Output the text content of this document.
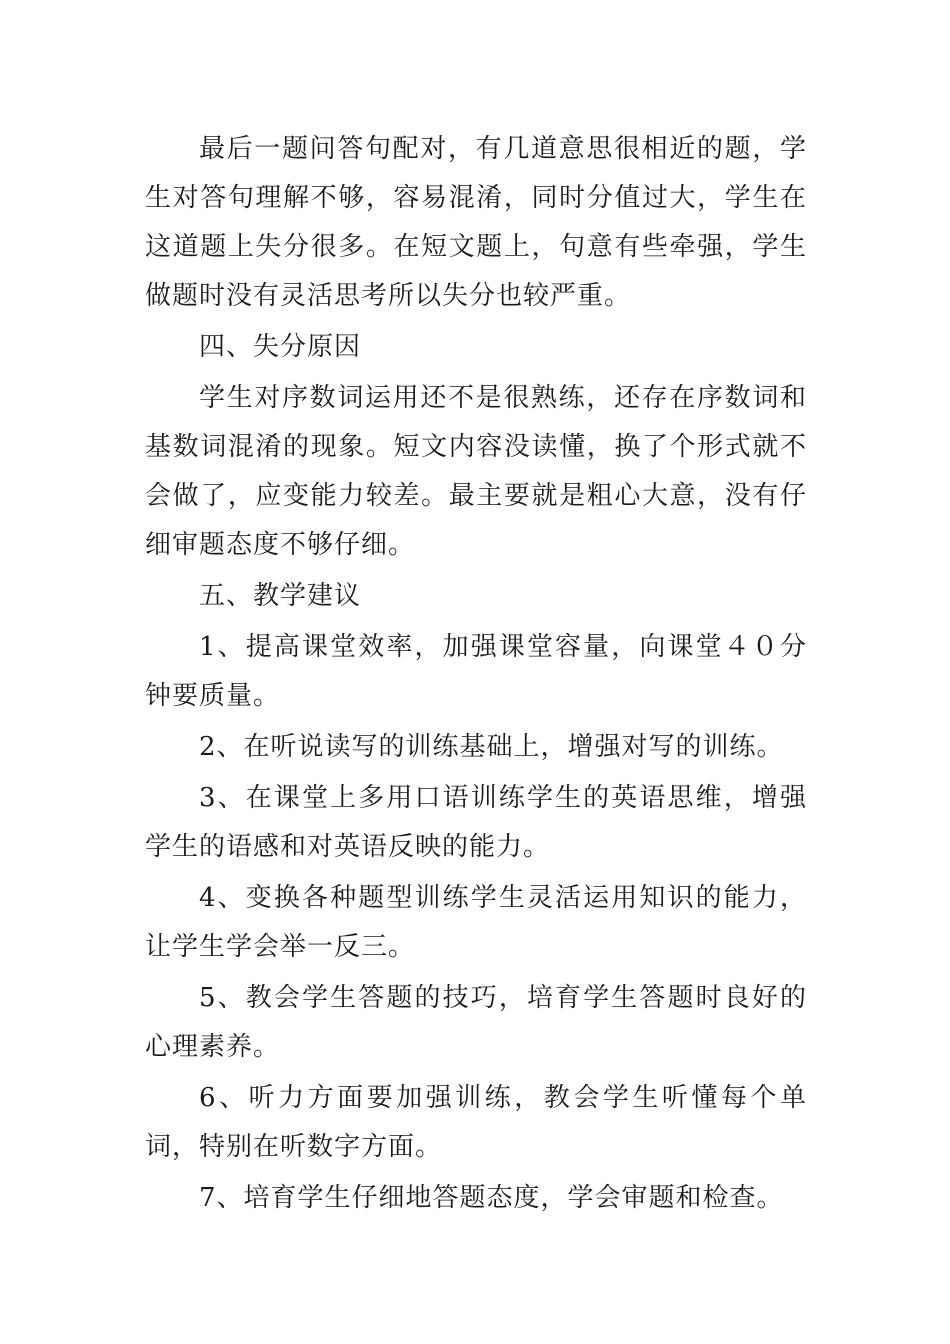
最后一题问答句配对，有几道意思很相近的题，学生对答句理解不够，容易混淆，同时分值过大，学生在这道题上失分很多。在短文题上，句意有些牵强，学生做题时没有灵活思考所以失分也较严重。

四、失分原因

学生对序数词运用还不是很熟练，还存在序数词和基数词混淆的现象。短文内容没读懂，换了个形式就不会做了，应变能力较差。最主要就是粗心大意，没有仔细审题态度不够仔细。

五、教学建议

1、提高课堂效率，加强课堂容量，向课堂４０分钟要质量。

2、在听说读写的训练基础上，增强对写的训练。

3、在课堂上多用口语训练学生的英语思维，增强学生的语感和对英语反映的能力。

4、变换各种题型训练学生灵活运用知识的能力，让学生学会举一反三。

5、教会学生答题的技巧，培育学生答题时良好的心理素养。

6、听力方面要加强训练，教会学生听懂每个单词，特别在听数字方面。

7、培育学生仔细地答题态度，学会审题和检查。
